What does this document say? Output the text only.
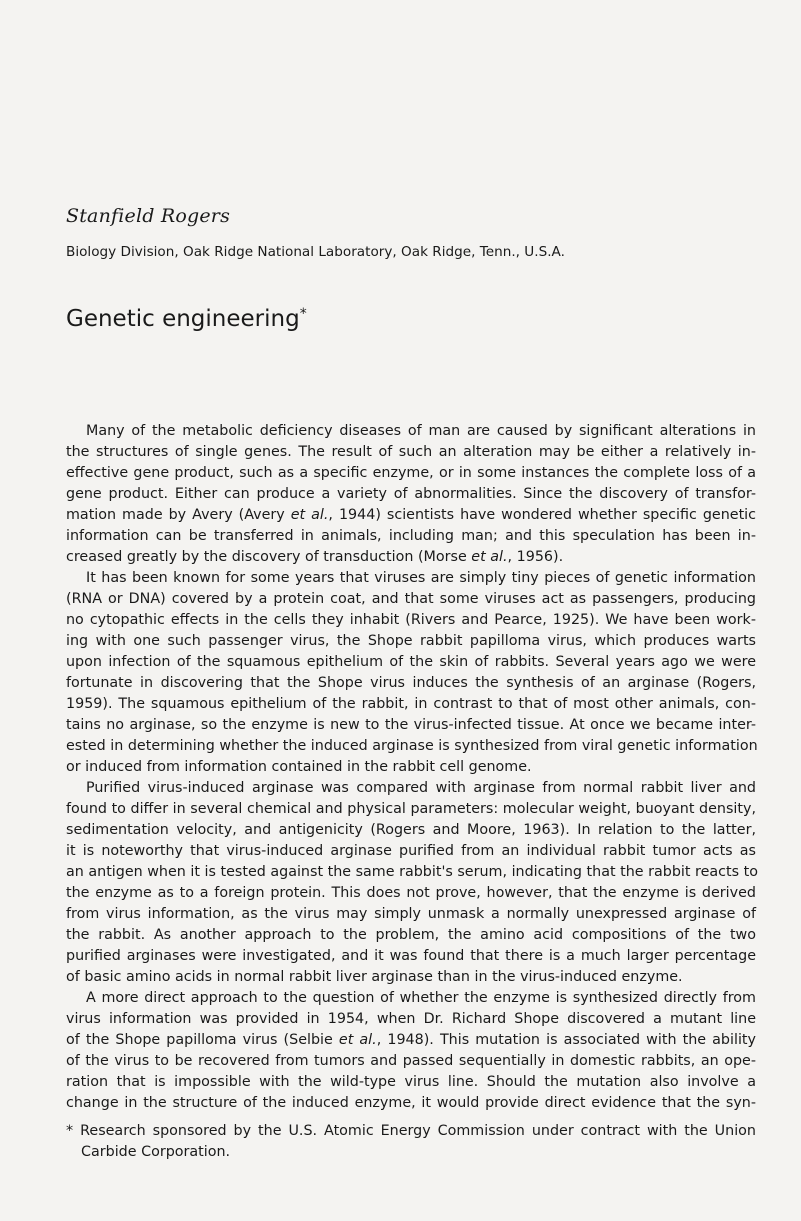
Stanfield Rogers

Biology Division, Oak Ridge National Laboratory, Oak Ridge, Tenn., U.S.A.

Genetic engineering*
Many of the metabolic deficiency diseases of man are caused by significant alterations in
the structures of single genes. The result of such an alteration may be either a relatively in-
effective gene product, such as a specific enzyme, or in some instances the complete loss of a
gene product. Either can produce a variety of abnormalities. Since the discovery of transfor-
mation made by Avery (Avery et al., 1944) scientists have wondered whether specific genetic
information can be transferred in animals, including man; and this speculation has been in-
creased greatly by the discovery of transduction (Morse et al., 1956).
It has been known for some years that viruses are simply tiny pieces of genetic information
(RNA or DNA) covered by a protein coat, and that some viruses act as passengers, producing
no cytopathic effects in the cells they inhabit (Rivers and Pearce, 1925). We have been work-
ing with one such passenger virus, the Shope rabbit papilloma virus, which produces warts
upon infection of the squamous epithelium of the skin of rabbits. Several years ago we were
fortunate in discovering that the Shope virus induces the synthesis of an arginase (Rogers,
1959). The squamous epithelium of the rabbit, in contrast to that of most other animals, con-
tains no arginase, so the enzyme is new to the virus-infected tissue. At once we became inter-
ested in determining whether the induced arginase is synthesized from viral genetic information
or induced from information contained in the rabbit cell genome.
Purified virus-induced arginase was compared with arginase from normal rabbit liver and
found to differ in several chemical and physical parameters: molecular weight, buoyant density,
sedimentation velocity, and antigenicity (Rogers and Moore, 1963). In relation to the latter,
it is noteworthy that virus-induced arginase purified from an individual rabbit tumor acts as
an antigen when it is tested against the same rabbit's serum, indicating that the rabbit reacts to
the enzyme as to a foreign protein. This does not prove, however, that the enzyme is derived
from virus information, as the virus may simply unmask a normally unexpressed arginase of
the rabbit. As another approach to the problem, the amino acid compositions of the two
purified arginases were investigated, and it was found that there is a much larger percentage
of basic amino acids in normal rabbit liver arginase than in the virus-induced enzyme.
A more direct approach to the question of whether the enzyme is synthesized directly from
virus information was provided in 1954, when Dr. Richard Shope discovered a mutant line
of the Shope papilloma virus (Selbie et al., 1948). This mutation is associated with the ability
of the virus to be recovered from tumors and passed sequentially in domestic rabbits, an ope-
ration that is impossible with the wild-type virus line. Should the mutation also involve a
change in the structure of the induced enzyme, it would provide direct evidence that the syn-
* Research sponsored by the U.S. Atomic Energy Commission under contract with the Union
Carbide Corporation.
